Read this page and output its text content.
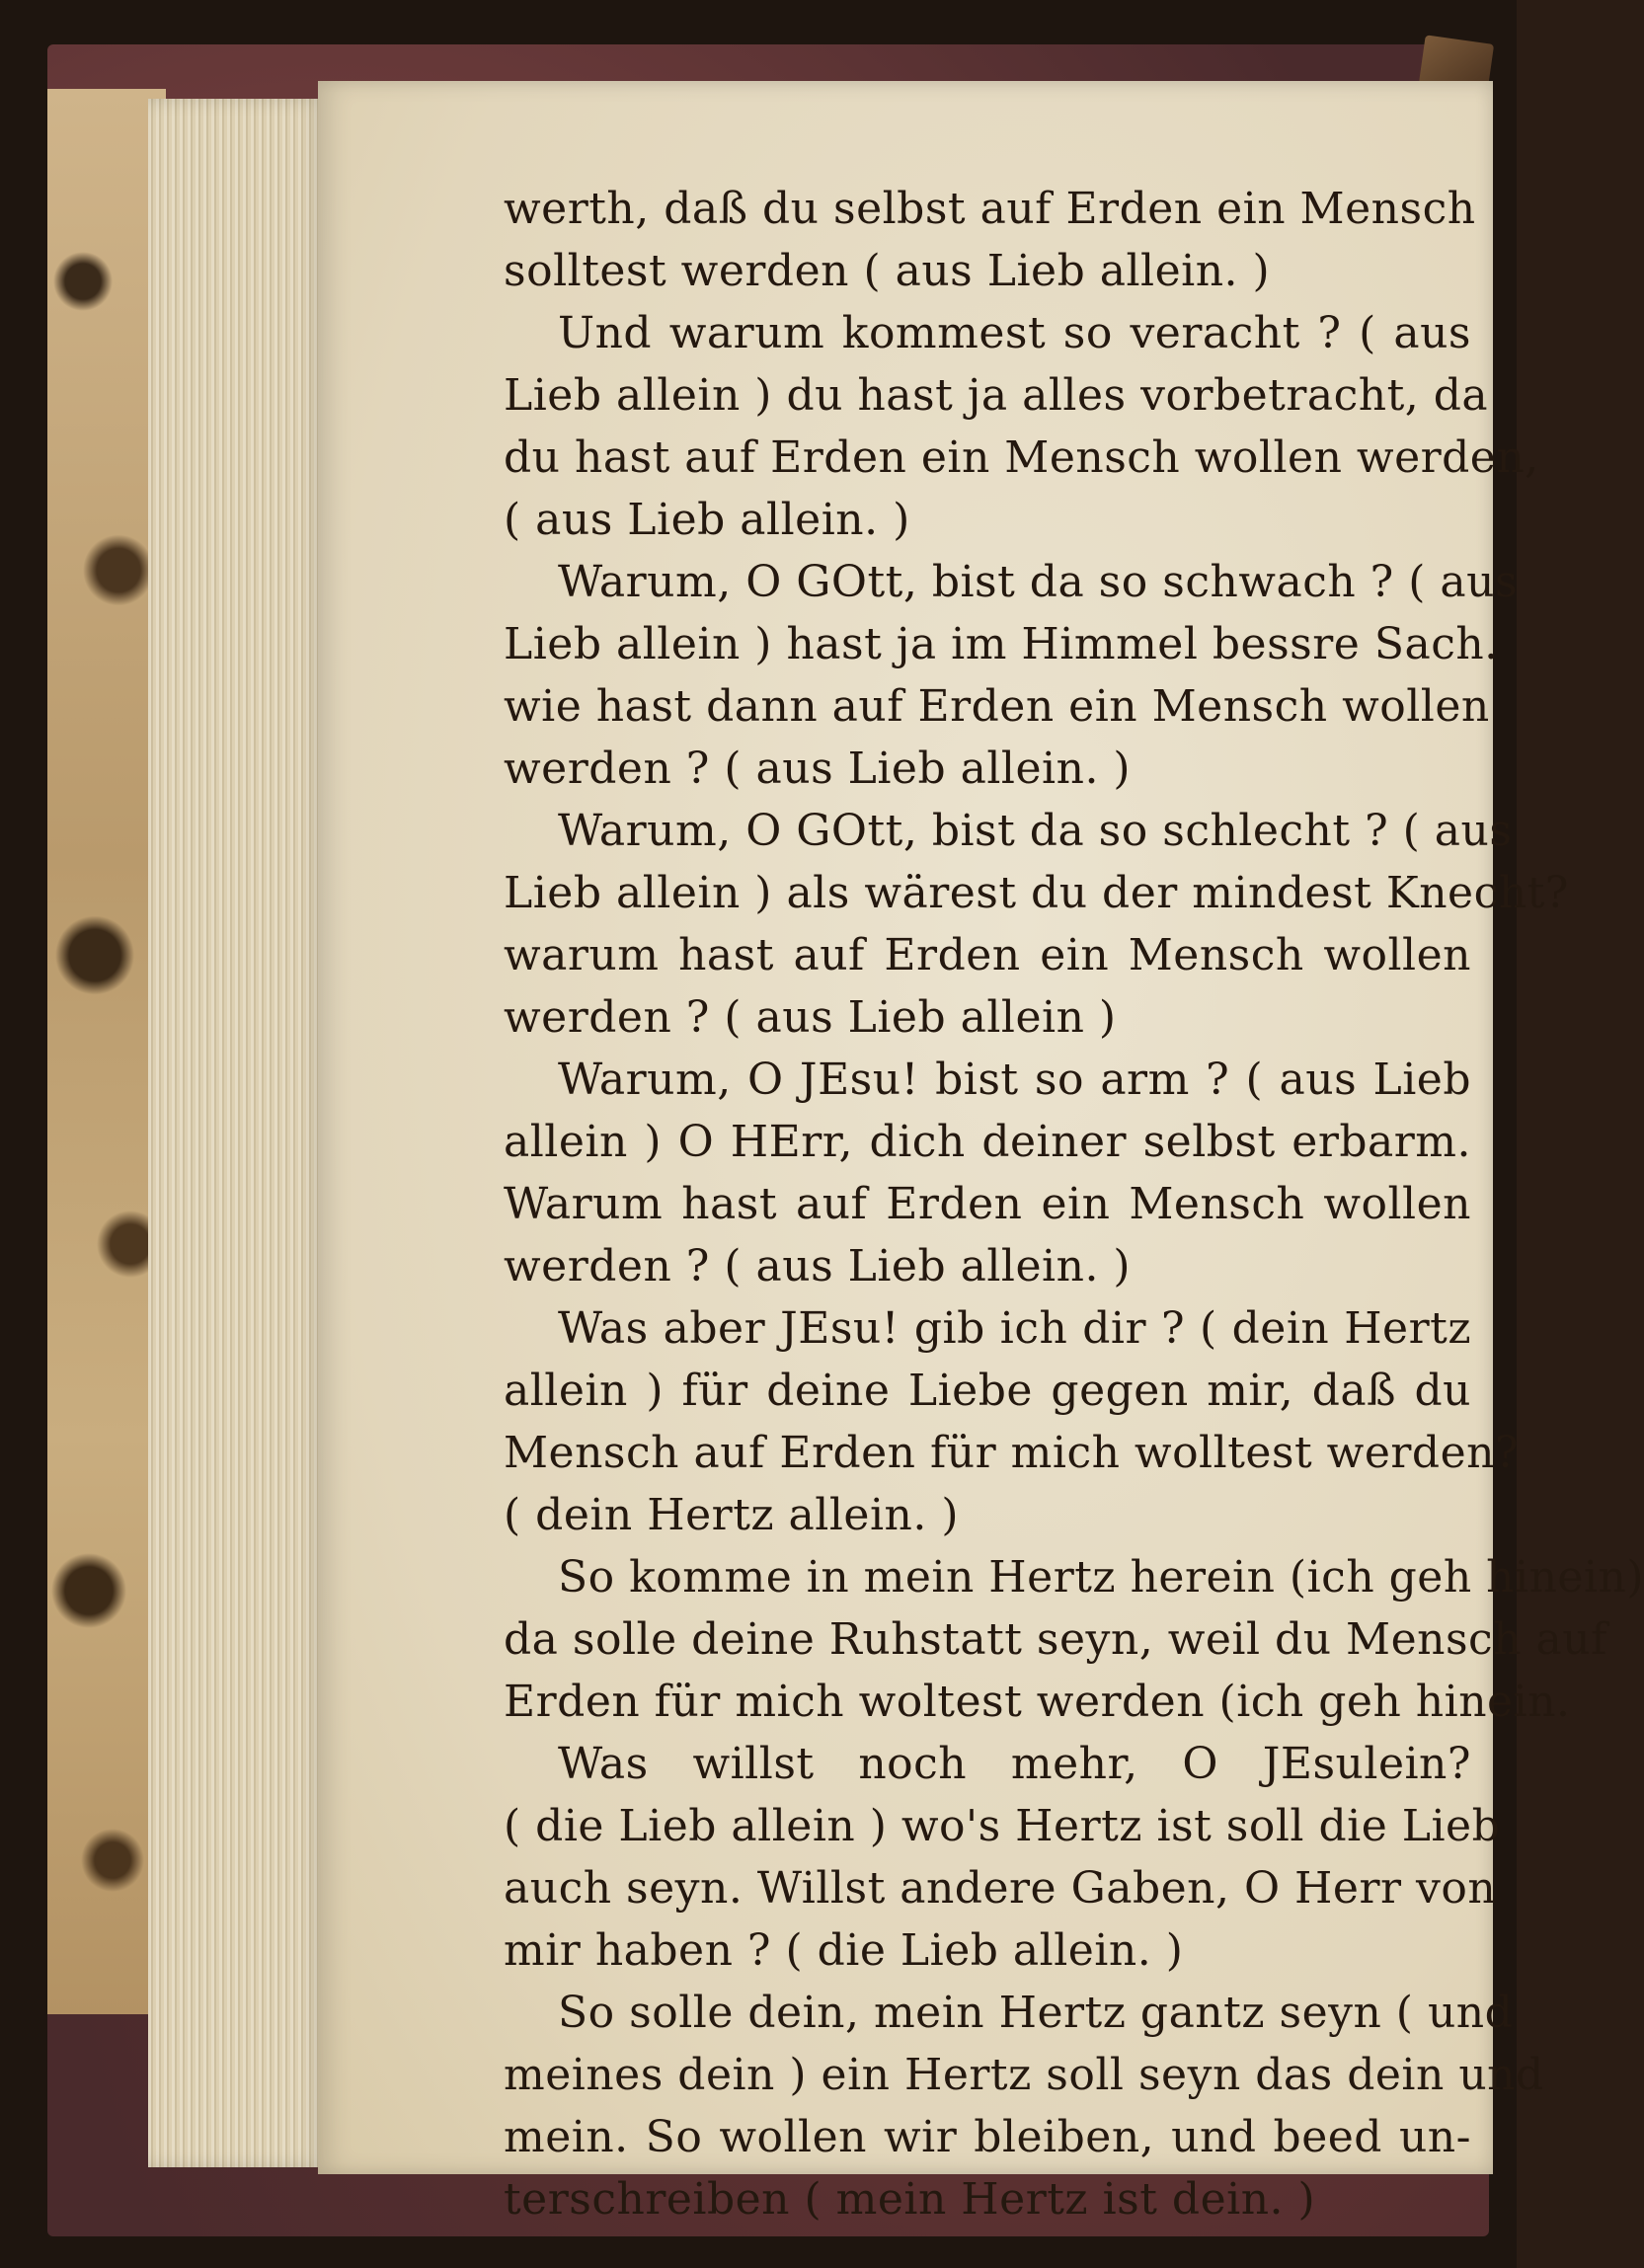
werth, daß du selbst auf Erden ein Mensch
solltest werden ( aus Lieb allein. )
Und warum kommest so veracht ? ( aus
Lieb allein ) du hast ja alles vorbetracht, da
du hast auf Erden ein Mensch wollen werden,
( aus Lieb allein. )
Warum, O GOtt, bist da so schwach ? ( aus
Lieb allein ) hast ja im Himmel bessre Sach.
wie hast dann auf Erden ein Mensch wollen
werden ? ( aus Lieb allein. )
Warum, O GOtt, bist da so schlecht ? ( aus
Lieb allein ) als wärest du der mindest Knecht?
warum hast auf Erden ein Mensch wollen
werden ? ( aus Lieb allein )
Warum, O JEsu! bist so arm ? ( aus Lieb
allein ) O HErr, dich deiner selbst erbarm.
Warum hast auf Erden ein Mensch wollen
werden ? ( aus Lieb allein. )
Was aber JEsu! gib ich dir ? ( dein Hertz
allein ) für deine Liebe gegen mir, daß du
Mensch auf Erden für mich wolltest werden?
( dein Hertz allein. )
So komme in mein Hertz herein (ich geh hinein)
da solle deine Ruhstatt seyn, weil du Mensch auf
Erden für mich woltest werden (ich geh hinein.
Was willst noch mehr, O JEsulein?
( die Lieb allein ) wo's Hertz ist soll die Lieb
auch seyn. Willst andere Gaben, O Herr von
mir haben ? ( die Lieb allein. )
So solle dein, mein Hertz gantz seyn ( und
meines dein ) ein Hertz soll seyn das dein und
mein. So wollen wir bleiben, und beed un-
terschreiben ( mein Hertz ist dein. )
